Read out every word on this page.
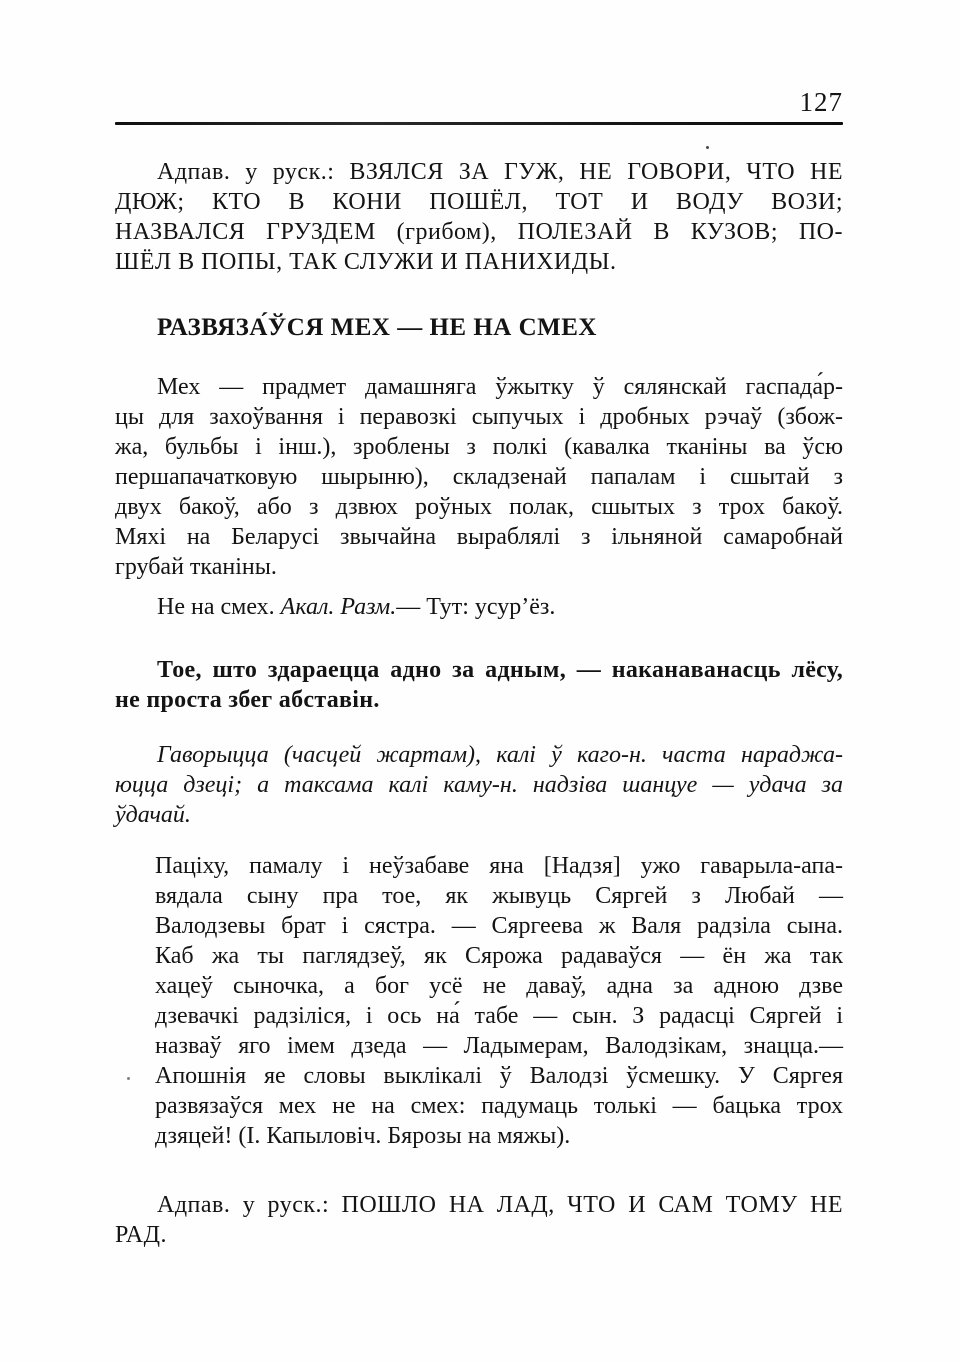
127
Адпав. у руск.: ВЗЯЛСЯ ЗА ГУЖ, НЕ ГОВОРИ, ЧТО НЕ
ДЮЖ; КТО В КОНИ ПОШЁЛ, ТОТ И ВОДУ ВОЗИ;
НАЗВАЛСЯ ГРУЗДЕМ (грибом), ПОЛЕЗАЙ В КУЗОВ; ПО-
ШЁЛ В ПОПЫ, ТАК СЛУЖИ И ПАНИХИДЫ.
РАЗВЯЗА́ЎСЯ МЕХ — НЕ НА СМЕХ
Мех — прадмет дамашняга ўжытку ў сялянскай гаспада́р-
цы для захоўвання і перавозкі сыпучых і дробных рэчаў (збож-
жа, бульбы і інш.), зроблены з полкі (кавалка тканіны ва ўсю
першапачатковую шырыню), складзенай папалам і сшытай з
двух бакоў, або з дзвюх роўных полак, сшытых з трох бакоў.
Мяхі на Беларусі звычайна выраблялі з ільняной самаробнай
грубай тканіны.
Не на смех. Акал. Разм.— Тут: усур’ёз.
Тое, што здараецца адно за адным, — наканаванасць лёсу,
не проста збег абставін.
Гаворыцца (часцей жартам), калі ў каго-н. часта нараджа-
юцца дзеці; а таксама калі каму-н. надзіва шанцуе — удача за
ўдачай.
Паціху, памалу і неўзабаве яна [Надзя] ужо гаварыла-апа-
вядала сыну пра тое, як жывуць Сяргей з Любай —
Валодзевы брат і сястра. — Сяргеева ж Валя радзіла сына.
Каб жа ты паглядзеў, як Сярожа радаваўся — ён жа так
хацеў сыночка, а бог усё не даваў, адна за адною дзве
дзевачкі радзіліся, і ось на́ табе — сын. З радасці Сяргей і
назваў яго імем дзеда — Ладымерам, Валодзікам, знацца.—
Апошнія яе словы выклікалі ў Валодзі ўсмешку. У Сяргея
развязаўся мех не на смех: падумаць толькі — бацька трох
дзяцей! (І. Капыловіч. Бярозы на мяжы).
Адпав. у руск.: ПОШЛО НА ЛАД, ЧТО И САМ ТОМУ НЕ
РАД.
